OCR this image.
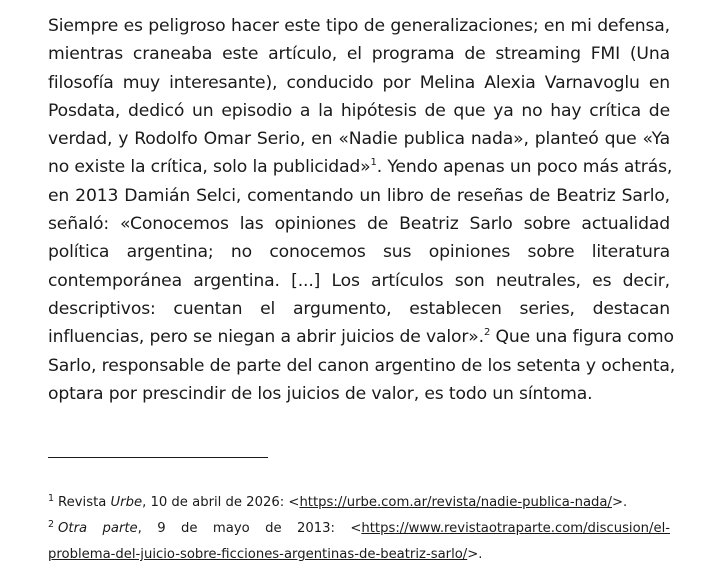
Siempre es peligroso hacer este tipo de generalizaciones; en mi defensa,
mientras craneaba este artículo, el programa de streaming FMI (Una
filosofía muy interesante), conducido por Melina Alexia Varnavoglu en
Posdata, dedicó un episodio a la hipótesis de que ya no hay crítica de
verdad, y Rodolfo Omar Serio, en «Nadie publica nada», planteó que «Ya
no existe la crítica, solo la publicidad»$^1$. Yendo apenas un poco más atrás,
en 2013 Damián Selci, comentando un libro de reseñas de Beatriz Sarlo,
señaló: «Conocemos las opiniones de Beatriz Sarlo sobre actualidad
política argentina; no conocemos sus opiniones sobre literatura
contemporánea argentina. [...] Los artículos son neutrales, es decir,
descriptivos: cuentan el argumento, establecen series, destacan
influencias, pero se niegan a abrir juicios de valor».$^2$ Que una figura como
Sarlo, responsable de parte del canon argentino de los setenta y ochenta,
optara por prescindir de los juicios de valor, es todo un síntoma.
$^1$ Revista Urbe, 10 de abril de 2026: <https://urbe.com.ar/revista/nadie-publica-nada/>.
$^2$ Otra parte, 9 de mayo de 2013: <https://www.revistaotraparte.com/discusion/el-
problema-del-juicio-sobre-ficciones-argentinas-de-beatriz-sarlo/>.
